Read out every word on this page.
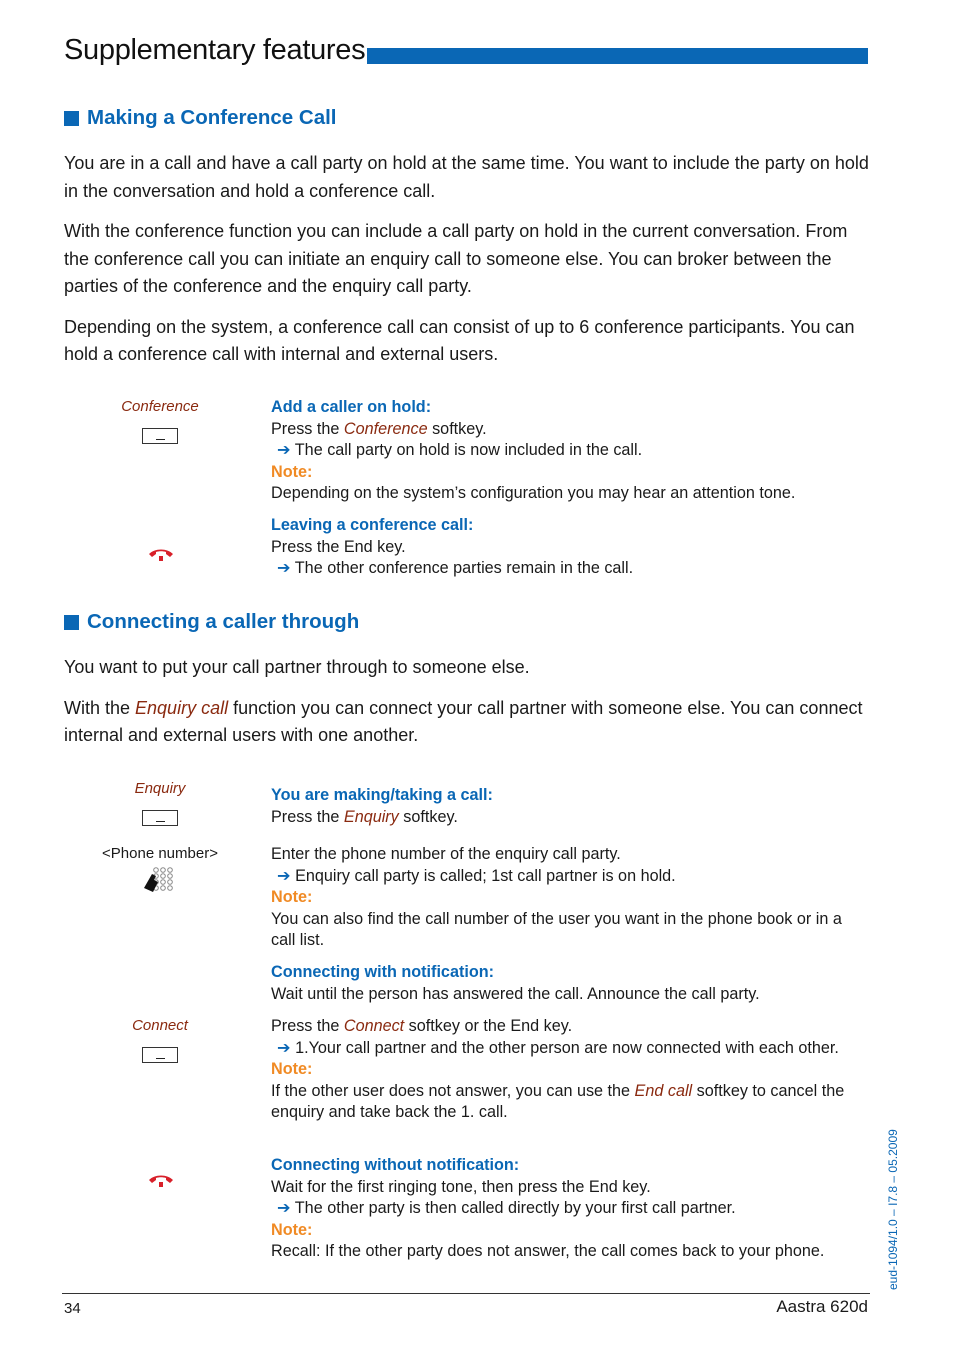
Supplementary features
Making a Conference Call

You are in a call and have a call party on hold at the same time. You want to include the party on hold in the conversation and hold a conference call.

With the conference function you can include a call party on hold in the current conversation. From the conference call you can initiate an enquiry call to someone else. You can broker between the parties of the conference and the enquiry call party.

Depending on the system, a conference call can consist of up to 6 conference participants. You can hold a conference call with internal and external users.

Conference	Add a caller on hold:
Press the Conference softkey.
➔ The call party on hold is now included in the call.
Note:
Depending on the system’s configuration you may hear an attention tone.
Leaving a conference call:
Press the End key.
➔ The other conference parties remain in the call.
Connecting a caller through

You want to put your call partner through to someone else.

With the Enquiry call function you can connect your call partner with someone else. You can connect internal and external users with one another.

Enquiry	You are making/taking a call:
Press the Enquiry softkey.
<Phone number>	Enter the phone number of the enquiry call party.
➔ Enquiry call party is called; 1st call partner is on hold.
Note:
You can also find the call number of the user you want in the phone book or in a call list.
Connecting with notification:
Wait until the person has answered the call. Announce the call party.
Connect	Press the Connect softkey or the End key.
➔ 1.Your call partner and the other person are now connected with each other.
Note:
If the other user does not answer, you can use the End call softkey to cancel the enquiry and take back the 1. call.
Connecting without notification:
Wait for the first ringing tone, then press the End key.
➔ The other party is then called directly by your first call partner.
Note:
Recall: If the other party does not answer, the call comes back to your phone.	eud-1094/1.0 – I7.8 – 05.2009
34	Aastra 620d
